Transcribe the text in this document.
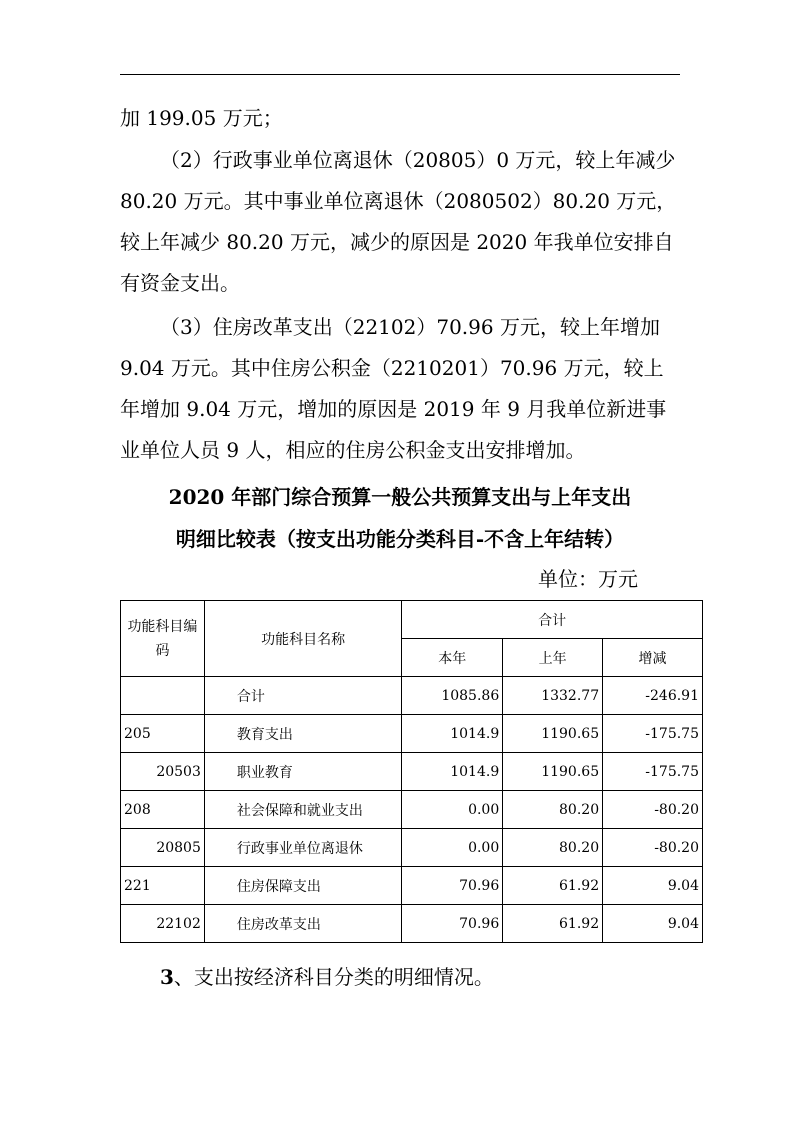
加 199.05 万元；

（2）行政事业单位离退休（20805）0 万元，较上年减少 80.20 万元。其中事业单位离退休（2080502）80.20 万元，较上年减少 80.20 万元，减少的原因是 2020 年我单位安排自有资金支出。

（3）住房改革支出（22102）70.96 万元，较上年增加 9.04 万元。其中住房公积金（2210201）70.96 万元，较上年增加 9.04 万元，增加的原因是 2019 年 9 月我单位新进事业单位人员 9 人，相应的住房公积金支出安排增加。

2020 年部门综合预算一般公共预算支出与上年支出

明细比较表（按支出功能分类科目-不含上年结转）

单位：万元
功能科目编码	功能科目名称	合计		
		本年	上年	增减
	合计	1085.86	1332.77	-246.91
205	教育支出	1014.9	1190.65	-175.75
20503	职业教育	1014.9	1190.65	-175.75
208	社会保障和就业支出	0.00	80.20	-80.20
20805	行政事业单位离退休	0.00	80.20	-80.20
221	住房保障支出	70.96	61.92	9.04
22102	住房改革支出	70.96	61.92	9.04
3、支出按经济科目分类的明细情况。
